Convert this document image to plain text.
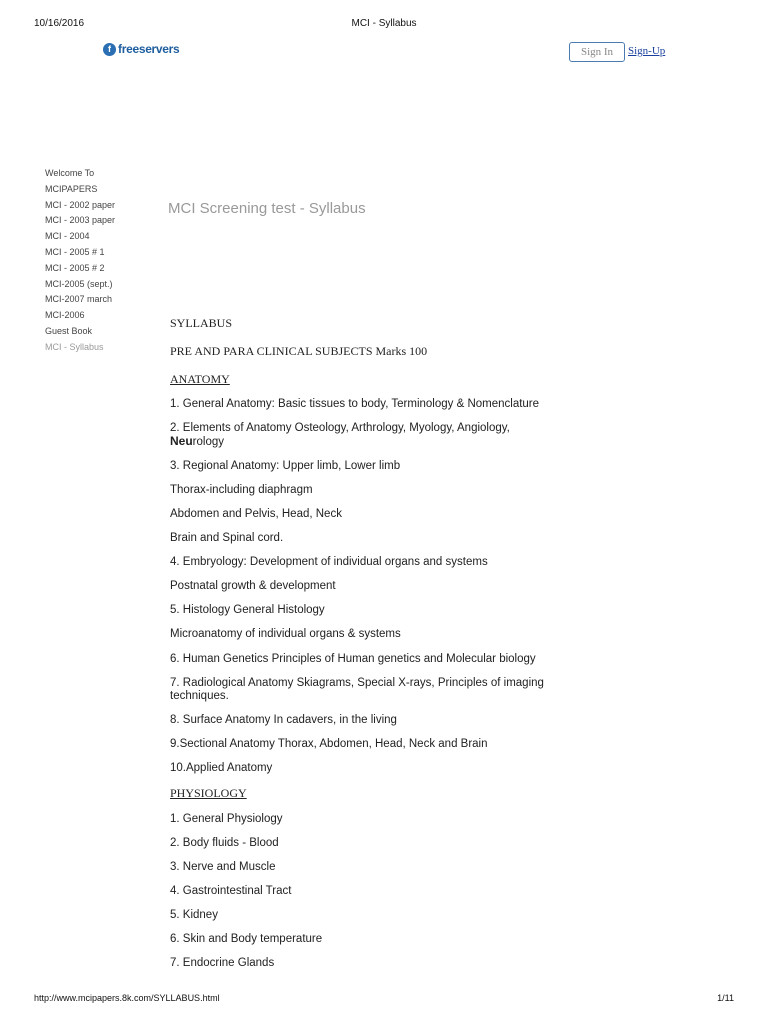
10/16/2016	MCI - Syllabus
f freeservers	Sign In	Sign-Up
Welcome To
MCIPAPERS
MCI - 2002 paper
MCI - 2003 paper
MCI - 2004
MCI - 2005 # 1
MCI - 2005 # 2
MCI-2005 (sept.)
MCI-2007 march
MCI-2006
Guest Book
MCI - Syllabus
MCI Screening test - Syllabus
SYLLABUS
PRE AND PARA CLINICAL SUBJECTS Marks 100
ANATOMY
1. General Anatomy: Basic tissues to body, Terminology & Nomenclature
2. Elements of Anatomy Osteology, Arthrology, Myology, Angiology,
Neurology
3. Regional Anatomy: Upper limb, Lower limb
Thorax-including diaphragm
Abdomen and Pelvis, Head, Neck
Brain and Spinal cord.
4. Embryology: Development of individual organs and systems
Postnatal growth & development
5. Histology General Histology
Microanatomy of individual organs & systems
6. Human Genetics Principles of Human genetics and Molecular biology
7. Radiological Anatomy Skiagrams, Special X-rays, Principles of imaging
techniques.
8. Surface Anatomy In cadavers, in the living
9.Sectional Anatomy Thorax, Abdomen, Head, Neck and Brain
10.Applied Anatomy
PHYSIOLOGY
1. General Physiology
2. Body fluids - Blood
3. Nerve and Muscle
4. Gastrointestinal Tract
5. Kidney
6. Skin and Body temperature
7. Endocrine Glands
http://www.mcipapers.8k.com/SYLLABUS.html	1/11
